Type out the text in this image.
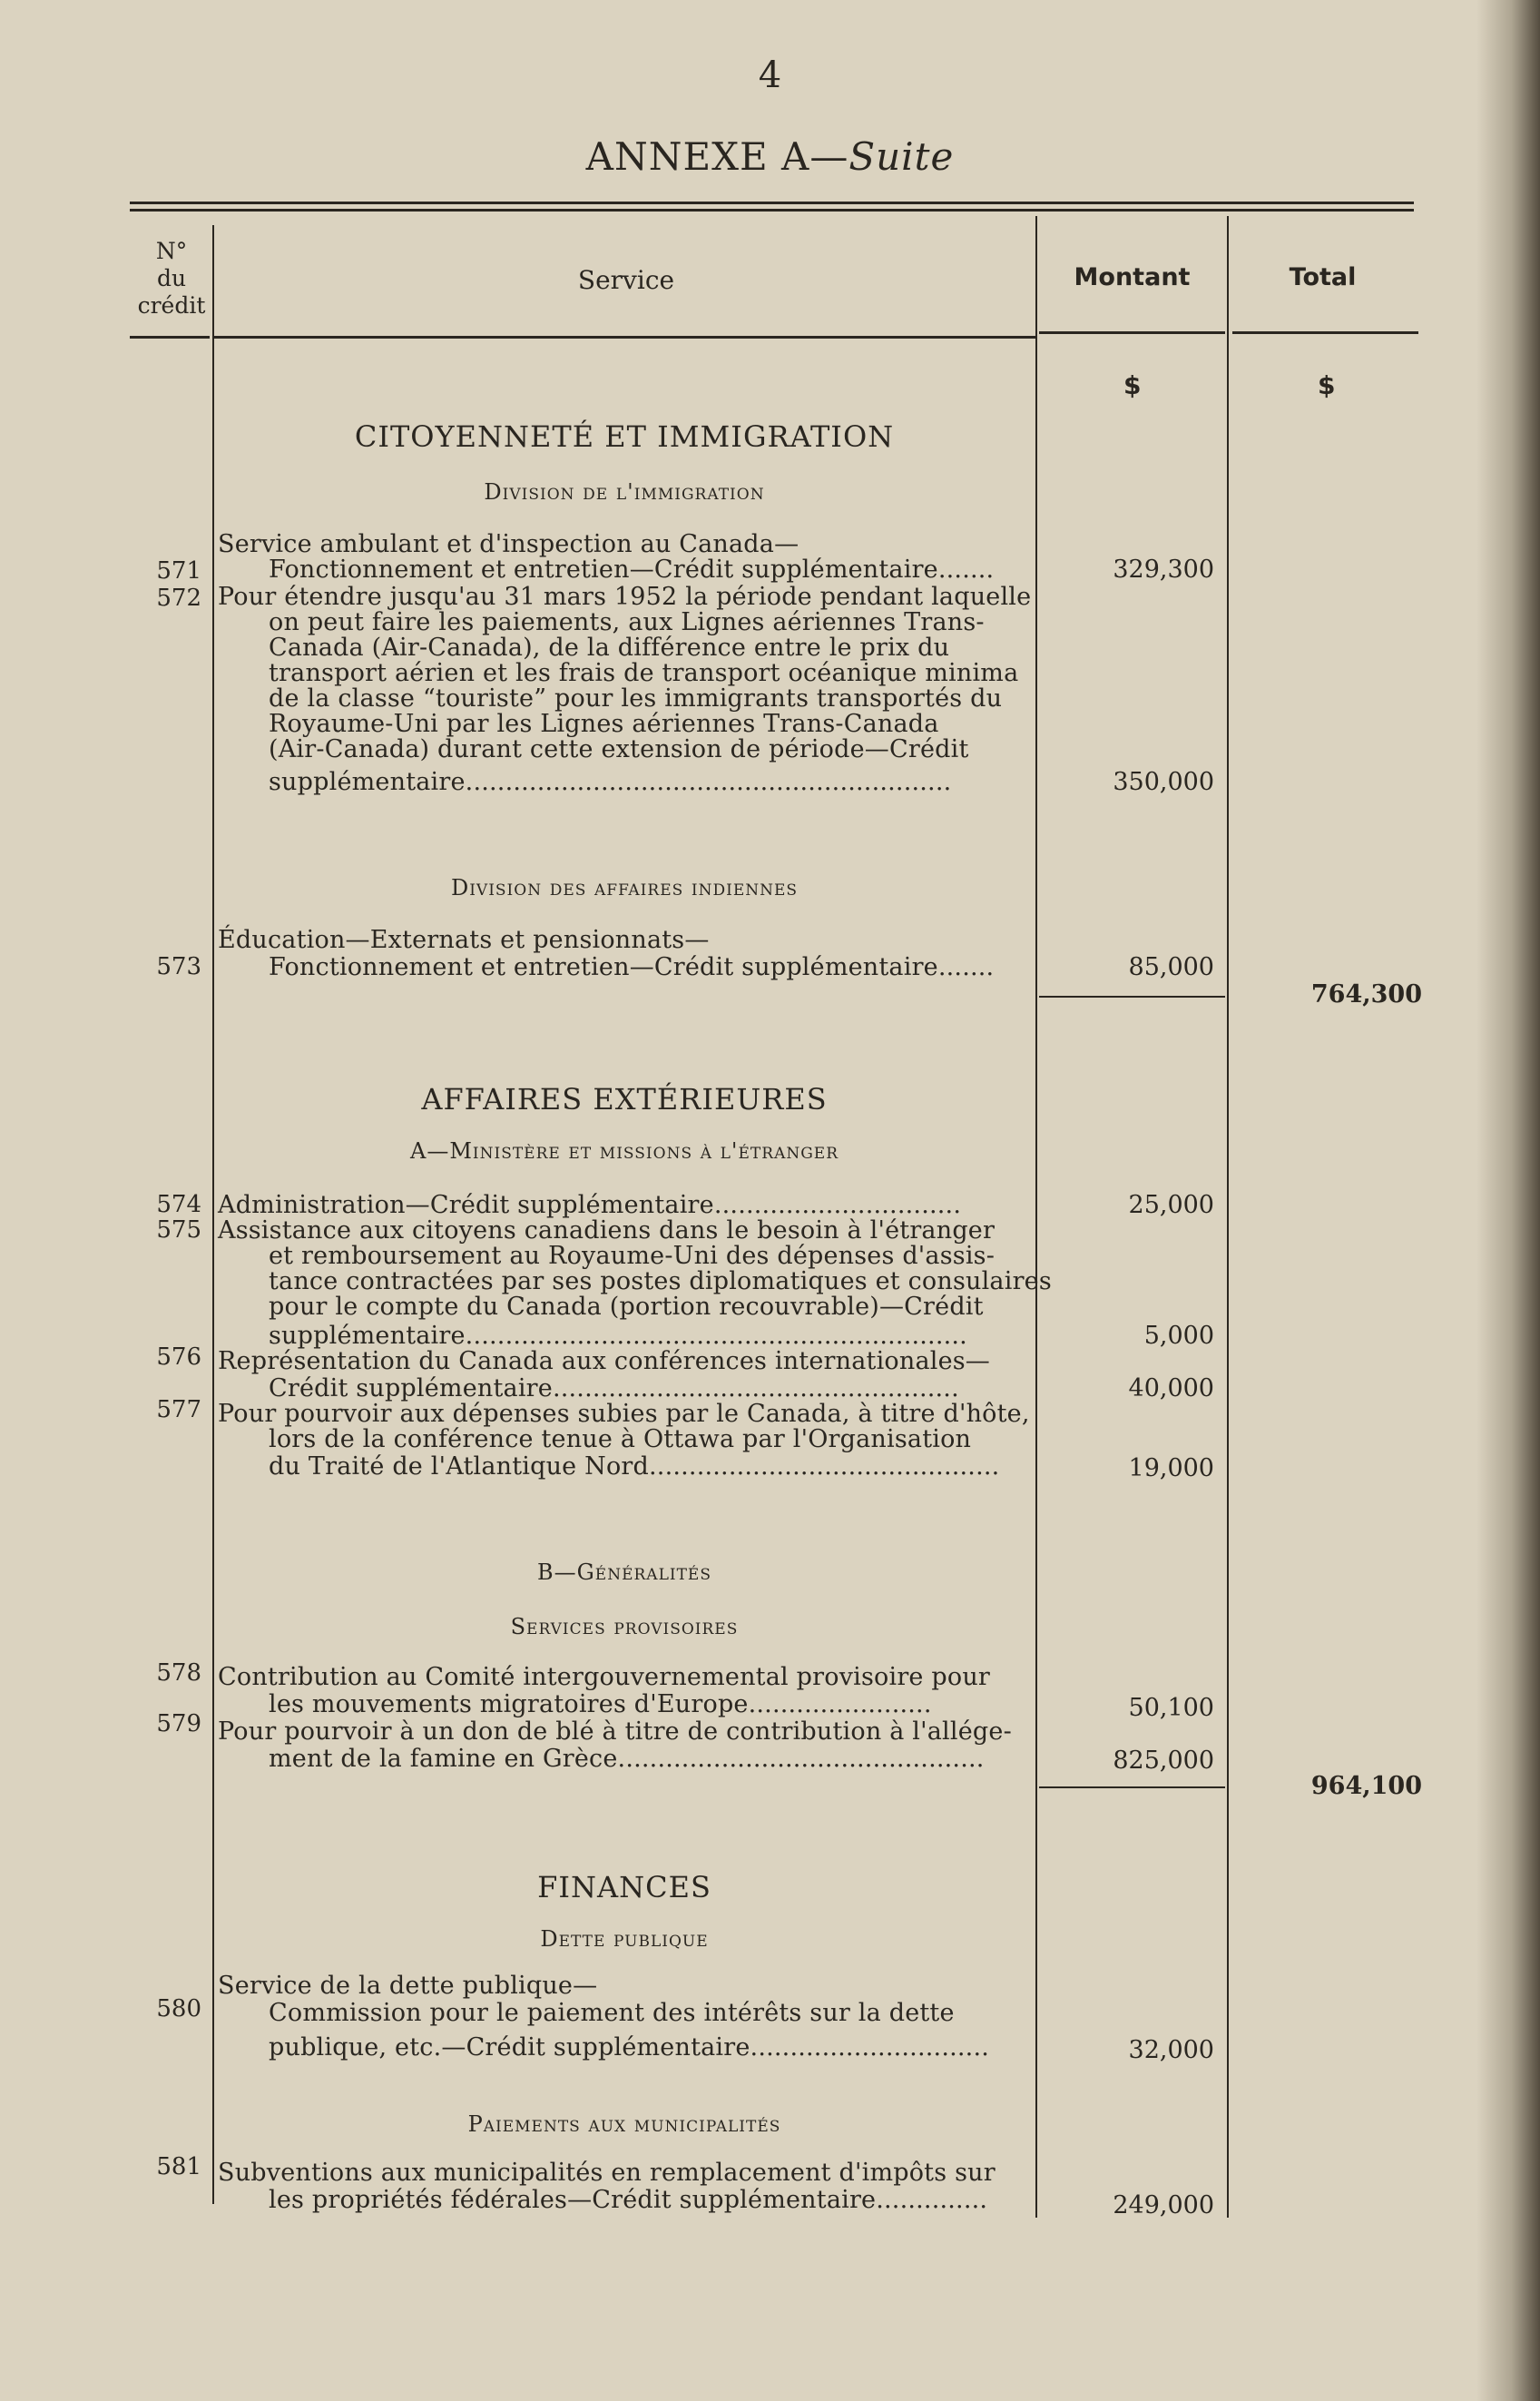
4
ANNEXE A—Suite
N°
du
crédit
Service	Montant	Total
$	$
CITOYENNETÉ ET IMMIGRATION
Division de l'immigration
Service ambulant et d'inspection au Canada—
571	Fonctionnement et entretien—Crédit supplémentaire.......	329,300
572 Pour étendre jusqu'au 31 mars 1952 la période pendant laquelle
on peut faire les paiements, aux Lignes aériennes Trans-
Canada (Air-Canada), de la différence entre le prix du
transport aérien et les frais de transport océanique minima
de la classe “touriste” pour les immigrants transportés du
Royaume-Uni par les Lignes aériennes Trans-Canada
(Air-Canada) durant cette extension de période—Crédit
supplémentaire.............................................................	350,000
Division des affaires indiennes
Éducation—Externats et pensionnats—
573	Fonctionnement et entretien—Crédit supplémentaire.......	85,000
764,300
AFFAIRES EXTÉRIEURES
A—Ministère et missions à l'étranger
574 Administration—Crédit supplémentaire...............................	25,000
575 Assistance aux citoyens canadiens dans le besoin à l'étranger
et remboursement au Royaume-Uni des dépenses d'assis-
tance contractées par ses postes diplomatiques et consulaires
pour le compte du Canada (portion recouvrable)—Crédit
supplémentaire...............................................................	5,000
576 Représentation du Canada aux conférences internationales—
Crédit supplémentaire...................................................	40,000
577 Pour pourvoir aux dépenses subies par le Canada, à titre d'hôte,
lors de la conférence tenue à Ottawa par l'Organisation
du Traité de l'Atlantique Nord............................................	19,000
B—Généralités
Services provisoires
578 Contribution au Comité intergouvernemental provisoire pour
les mouvements migratoires d'Europe.......................	50,100
579 Pour pourvoir à un don de blé à titre de contribution à l'allége-
ment de la famine en Grèce..............................................	825,000
964,100
FINANCES
Dette publique
Service de la dette publique—
580	Commission pour le paiement des intérêts sur la dette
publique, etc.—Crédit supplémentaire..............................	32,000
Paiements aux municipalités
581 Subventions aux municipalités en remplacement d'impôts sur
les propriétés fédérales—Crédit supplémentaire..............	249,000
